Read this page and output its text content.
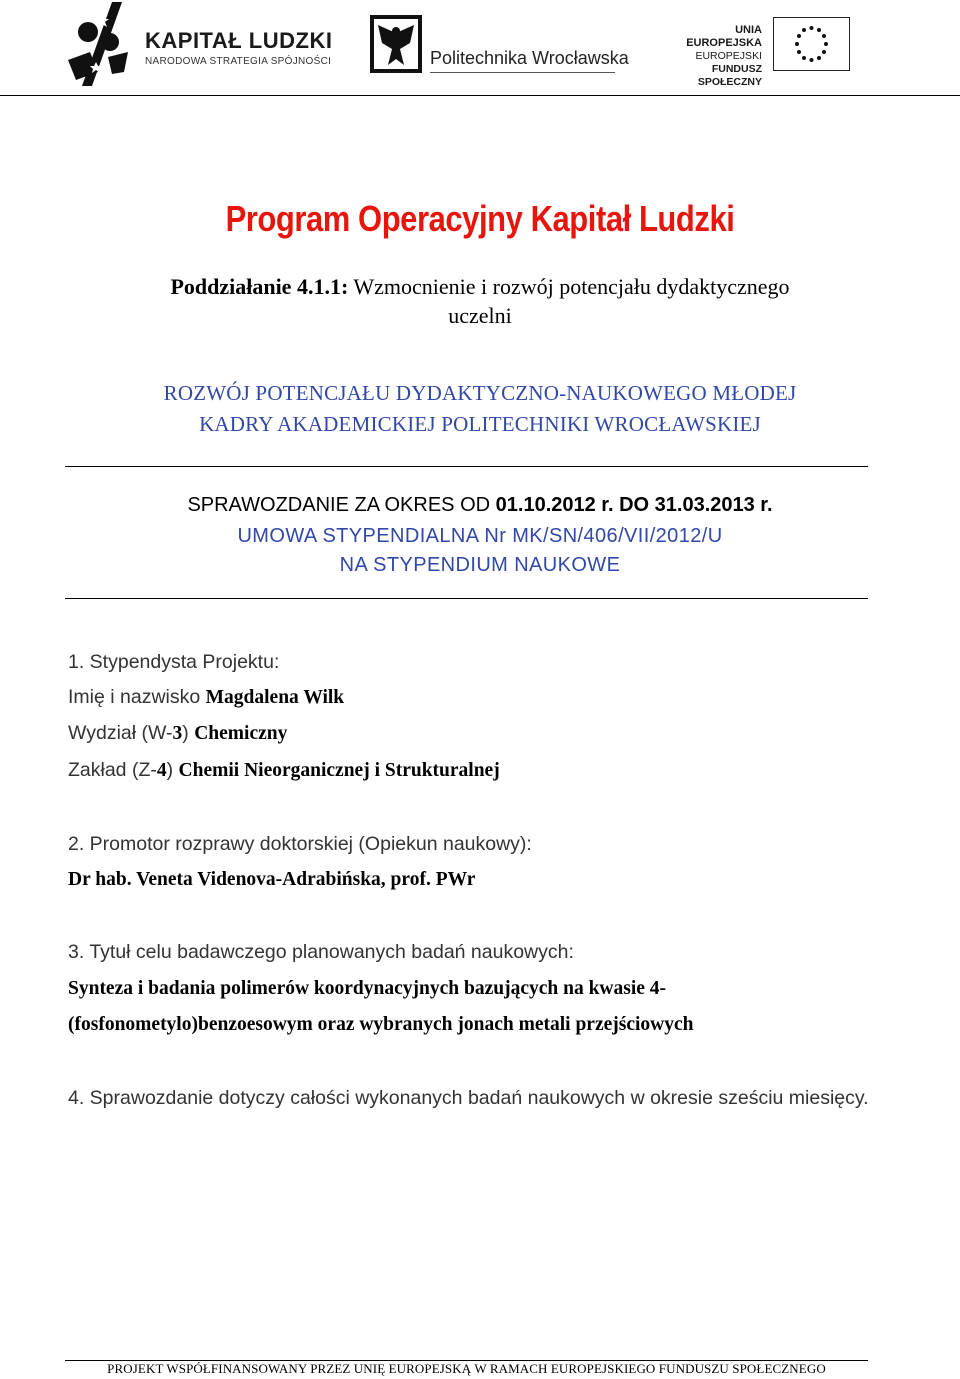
KAPITAŁ LUDZKI
NARODOWA STRATEGIA SPÓJNOŚCI	Politechnika Wrocławska
UNIA EUROPEJSKA
EUROPEJSKI
FUNDUSZ SPOŁECZNY
Program Operacyjny Kapitał Ludzki
Poddziałanie 4.1.1: Wzmocnienie i rozwój potencjału dydaktycznego
uczelni
ROZWÓJ POTENCJAŁU DYDAKTYCZNO-NAUKOWEGO MŁODEJ
KADRY AKADEMICKIEJ POLITECHNIKI WROCŁAWSKIEJ
SPRAWOZDANIE ZA OKRES OD 01.10.2012 r. DO 31.03.2013 r.
UMOWA STYPENDIALNA Nr MK/SN/406/VII/2012/U
NA STYPENDIUM NAUKOWE
1. Stypendysta Projektu:
Imię i nazwisko Magdalena Wilk
Wydział (W-3) Chemiczny
Zakład (Z-4) Chemii Nieorganicznej i Strukturalnej
2. Promotor rozprawy doktorskiej (Opiekun naukowy):
Dr hab. Veneta Videnova-Adrabińska, prof. PWr
3. Tytuł celu badawczego planowanych badań naukowych:
Synteza i badania polimerów koordynacyjnych bazujących na kwasie 4-
(fosfonometylo)benzoesowym oraz wybranych jonach metali przejściowych
4. Sprawozdanie dotyczy całości wykonanych badań naukowych w okresie sześciu miesięcy.
PROJEKT WSPÓŁFINANSOWANY PRZEZ UNIĘ EUROPEJSKĄ W RAMACH EUROPEJSKIEGO FUNDUSZU SPOŁECZNEGO
